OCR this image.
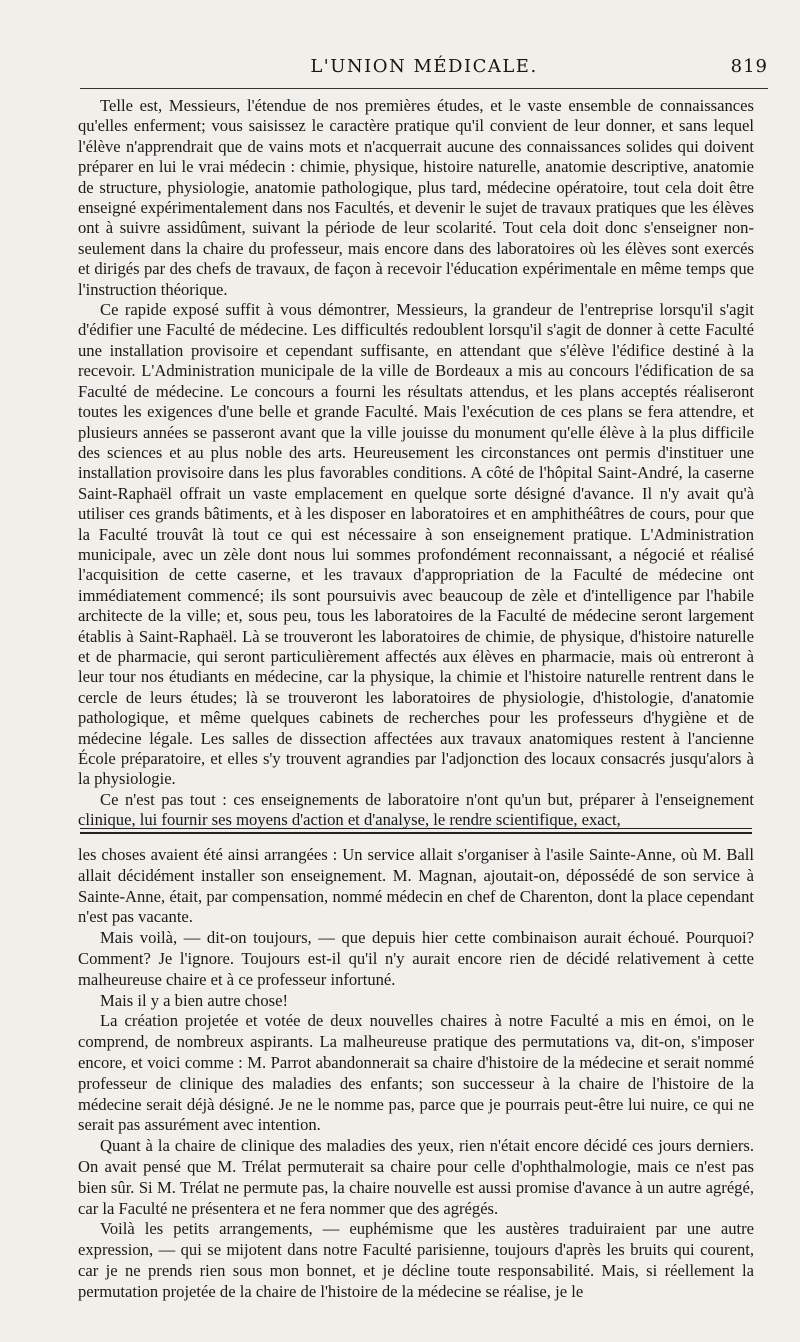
L'UNION MÉDICALE.	819

Telle est, Messieurs, l'étendue de nos premières études, et le vaste ensemble de connaissances qu'elles enferment; vous saisissez le caractère pratique qu'il convient de leur donner, et sans lequel l'élève n'apprendrait que de vains mots et n'acquerrait aucune des connaissances solides qui doivent préparer en lui le vrai médecin : chimie, physique, histoire naturelle, anatomie descriptive, anatomie de structure, physiologie, anatomie pathologique, plus tard, médecine opératoire, tout cela doit être enseigné expérimentalement dans nos Facultés, et devenir le sujet de travaux pratiques que les élèves ont à suivre assidûment, suivant la période de leur scolarité. Tout cela doit donc s'enseigner non-seulement dans la chaire du professeur, mais encore dans des laboratoires où les élèves sont exercés et dirigés par des chefs de travaux, de façon à recevoir l'éducation expérimentale en même temps que l'instruction théorique.

Ce rapide exposé suffit à vous démontrer, Messieurs, la grandeur de l'entreprise lorsqu'il s'agit d'édifier une Faculté de médecine. Les difficultés redoublent lorsqu'il s'agit de donner à cette Faculté une installation provisoire et cependant suffisante, en attendant que s'élève l'édifice destiné à la recevoir. L'Administration municipale de la ville de Bordeaux a mis au concours l'édification de sa Faculté de médecine. Le concours a fourni les résultats attendus, et les plans acceptés réaliseront toutes les exigences d'une belle et grande Faculté. Mais l'exécution de ces plans se fera attendre, et plusieurs années se passeront avant que la ville jouisse du monument qu'elle élève à la plus difficile des sciences et au plus noble des arts. Heureusement les circonstances ont permis d'instituer une installation provisoire dans les plus favorables conditions. A côté de l'hôpital Saint-André, la caserne Saint-Raphaël offrait un vaste emplacement en quelque sorte désigné d'avance. Il n'y avait qu'à utiliser ces grands bâtiments, et à les disposer en laboratoires et en amphithéâtres de cours, pour que la Faculté trouvât là tout ce qui est nécessaire à son enseignement pratique. L'Administration municipale, avec un zèle dont nous lui sommes profondément reconnaissant, a négocié et réalisé l'acquisition de cette caserne, et les travaux d'appropriation de la Faculté de médecine ont immédiatement commencé; ils sont poursuivis avec beaucoup de zèle et d'intelligence par l'habile architecte de la ville; et, sous peu, tous les laboratoires de la Faculté de médecine seront largement établis à Saint-Raphaël. Là se trouveront les laboratoires de chimie, de physique, d'histoire naturelle et de pharmacie, qui seront particulièrement affectés aux élèves en pharmacie, mais où entreront à leur tour nos étudiants en médecine, car la physique, la chimie et l'histoire naturelle rentrent dans le cercle de leurs études; là se trouveront les laboratoires de physiologie, d'histologie, d'anatomie pathologique, et même quelques cabinets de recherches pour les professeurs d'hygiène et de médecine légale. Les salles de dissection affectées aux travaux anatomiques restent à l'ancienne École préparatoire, et elles s'y trouvent agrandies par l'adjonction des locaux consacrés jusqu'alors à la physiologie.

Ce n'est pas tout : ces enseignements de laboratoire n'ont qu'un but, préparer à l'enseignement clinique, lui fournir ses moyens d'action et d'analyse, le rendre scientifique, exact,

les choses avaient été ainsi arrangées : Un service allait s'organiser à l'asile Sainte-Anne, où M. Ball allait décidément installer son enseignement. M. Magnan, ajoutait-on, dépossédé de son service à Sainte-Anne, était, par compensation, nommé médecin en chef de Charenton, dont la place cependant n'est pas vacante.

Mais voilà, — dit-on toujours, — que depuis hier cette combinaison aurait échoué. Pourquoi? Comment? Je l'ignore. Toujours est-il qu'il n'y aurait encore rien de décidé relativement à cette malheureuse chaire et à ce professeur infortuné.

Mais il y a bien autre chose!

La création projetée et votée de deux nouvelles chaires à notre Faculté a mis en émoi, on le comprend, de nombreux aspirants. La malheureuse pratique des permutations va, dit-on, s'imposer encore, et voici comme : M. Parrot abandonnerait sa chaire d'histoire de la médecine et serait nommé professeur de clinique des maladies des enfants; son successeur à la chaire de l'histoire de la médecine serait déjà désigné. Je ne le nomme pas, parce que je pourrais peut-être lui nuire, ce qui ne serait pas assurément avec intention.

Quant à la chaire de clinique des maladies des yeux, rien n'était encore décidé ces jours derniers. On avait pensé que M. Trélat permuterait sa chaire pour celle d'ophthalmologie, mais ce n'est pas bien sûr. Si M. Trélat ne permute pas, la chaire nouvelle est aussi promise d'avance à un autre agrégé, car la Faculté ne présentera et ne fera nommer que des agrégés.

Voilà les petits arrangements, — euphémisme que les austères traduiraient par une autre expression, — qui se mijotent dans notre Faculté parisienne, toujours d'après les bruits qui courent, car je ne prends rien sous mon bonnet, et je décline toute responsabilité. Mais, si réellement la permutation projetée de la chaire de l'histoire de la médecine se réalise, je le
